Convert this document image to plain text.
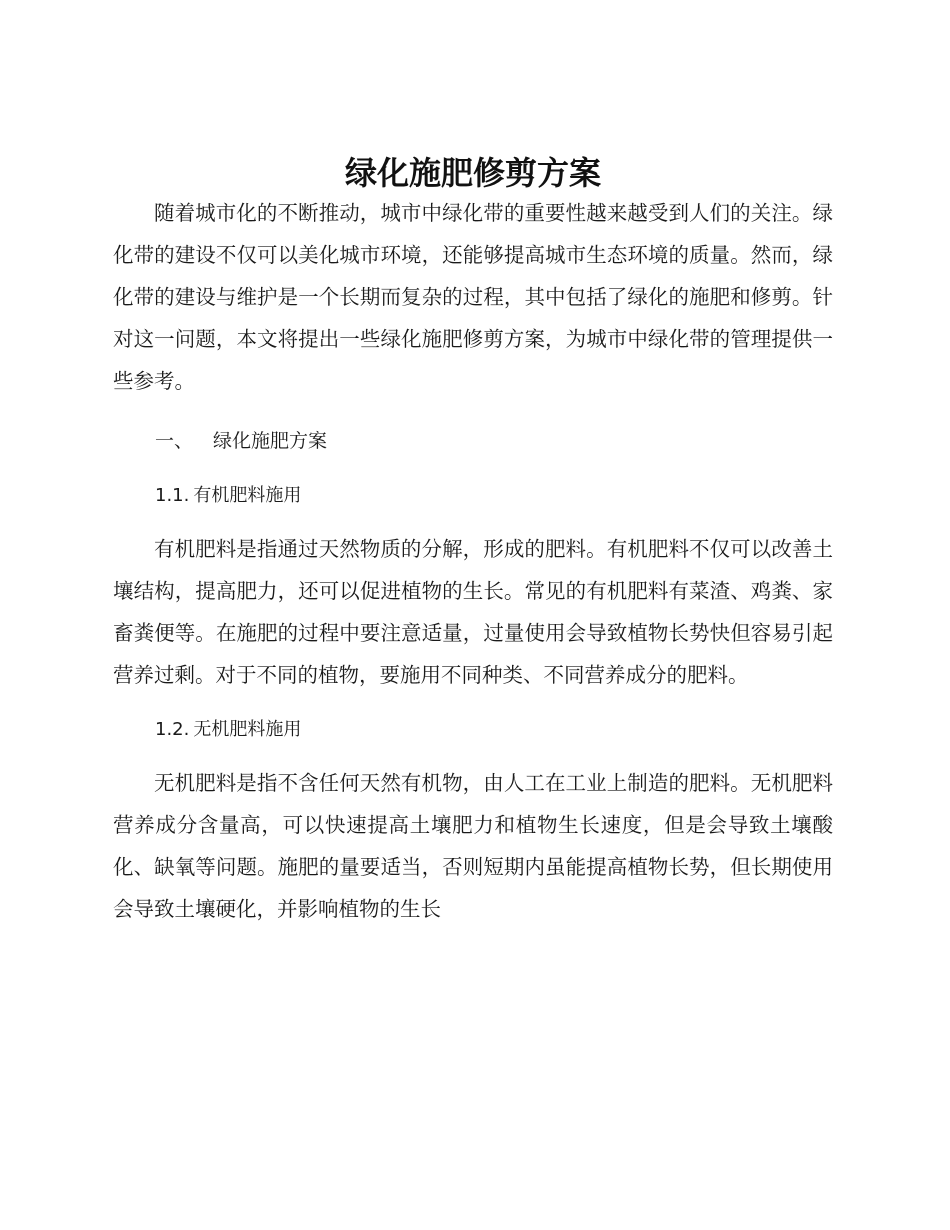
绿化施肥修剪方案

随着城市化的不断推动，城市中绿化带的重要性越来越受到人们的关注。绿化带的建设不仅可以美化城市环境，还能够提高城市生态环境的质量。然而，绿化带的建设与维护是一个长期而复杂的过程，其中包括了绿化的施肥和修剪。针对这一问题，本文将提出一些绿化施肥修剪方案，为城市中绿化带的管理提供一些参考。

一、 绿化施肥方案
1.1. 有机肥料施用

有机肥料是指通过天然物质的分解，形成的肥料。有机肥料不仅可以改善土壤结构，提高肥力，还可以促进植物的生长。常见的有机肥料有菜渣、鸡粪、家畜粪便等。在施肥的过程中要注意适量，过量使用会导致植物长势快但容易引起营养过剩。对于不同的植物，要施用不同种类、不同营养成分的肥料。

1.2. 无机肥料施用

无机肥料是指不含任何天然有机物，由人工在工业上制造的肥料。无机肥料营养成分含量高，可以快速提高土壤肥力和植物生长速度，但是会导致土壤酸化、缺氧等问题。施肥的量要适当，否则短期内虽能提高植物长势，但长期使用会导致土壤硬化，并影响植物的生长
